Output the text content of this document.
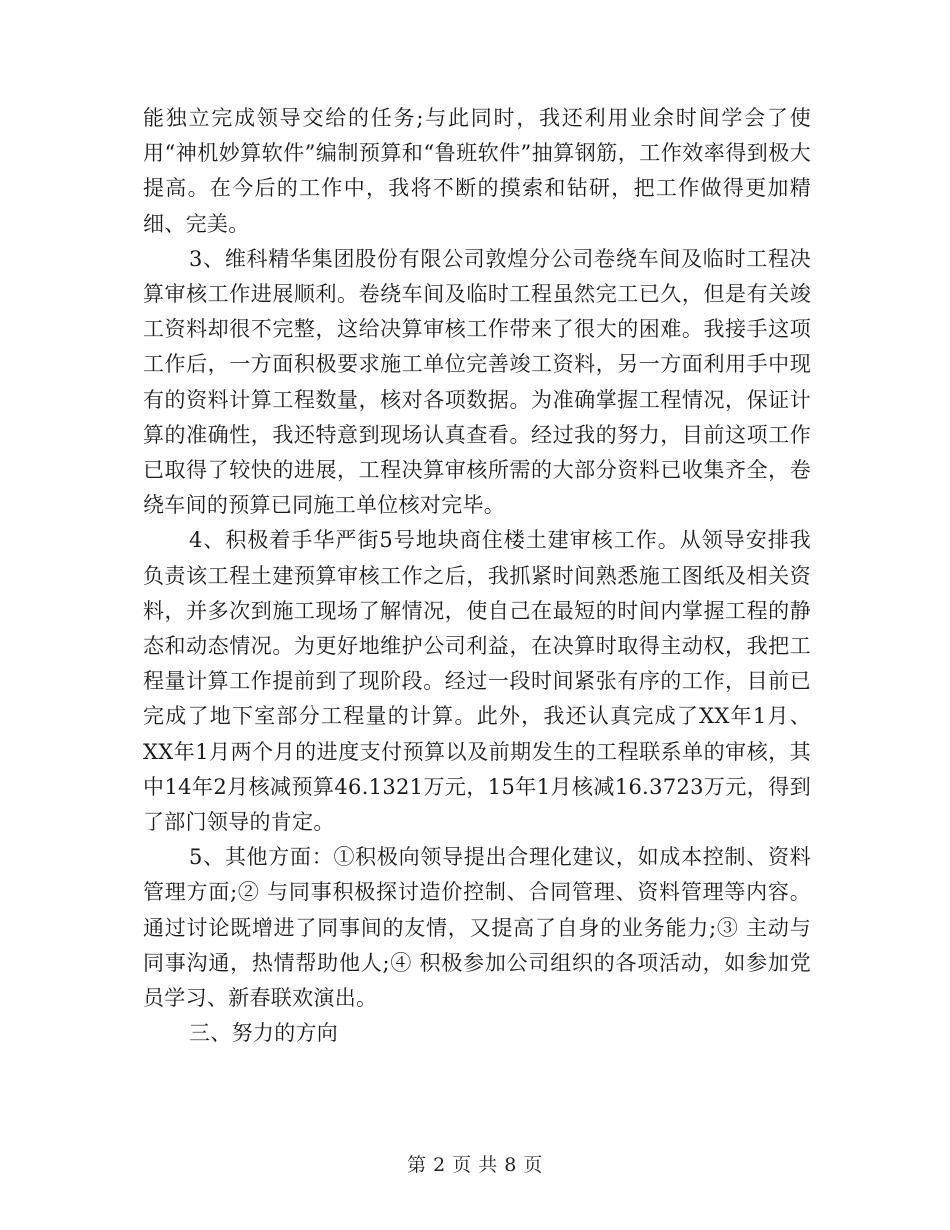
能独立完成领导交给的任务;与此同时，我还利用业余时间学会了使用“神机妙算软件”编制预算和“鲁班软件”抽算钢筋，工作效率得到极大提高。在今后的工作中，我将不断的摸索和钻研，把工作做得更加精细、完美。

3、维科精华集团股份有限公司敦煌分公司卷绕车间及临时工程决算审核工作进展顺利。卷绕车间及临时工程虽然完工已久，但是有关竣工资料却很不完整，这给决算审核工作带来了很大的困难。我接手这项工作后，一方面积极要求施工单位完善竣工资料，另一方面利用手中现有的资料计算工程数量，核对各项数据。为准确掌握工程情况，保证计算的准确性，我还特意到现场认真查看。经过我的努力，目前这项工作已取得了较快的进展，工程决算审核所需的大部分资料已收集齐全，卷绕车间的预算已同施工单位核对完毕。

4、积极着手华严街5号地块商住楼土建审核工作。从领导安排我负责该工程土建预算审核工作之后，我抓紧时间熟悉施工图纸及相关资料，并多次到施工现场了解情况，使自己在最短的时间内掌握工程的静态和动态情况。为更好地维护公司利益，在决算时取得主动权，我把工程量计算工作提前到了现阶段。经过一段时间紧张有序的工作，目前已完成了地下室部分工程量的计算。此外，我还认真完成了XX年1月、XX年1月两个月的进度支付预算以及前期发生的工程联系单的审核，其中14年2月核减预算46.1321万元，15年1月核减16.3723万元，得到了部门领导的肯定。

5、其他方面：①积极向领导提出合理化建议，如成本控制、资料管理方面;② 与同事积极探讨造价控制、合同管理、资料管理等内容。通过讨论既增进了同事间的友情，又提高了自身的业务能力;③ 主动与同事沟通，热情帮助他人;④ 积极参加公司组织的各项活动，如参加党员学习、新春联欢演出。

三、努力的方向

第 2 页 共 8 页
